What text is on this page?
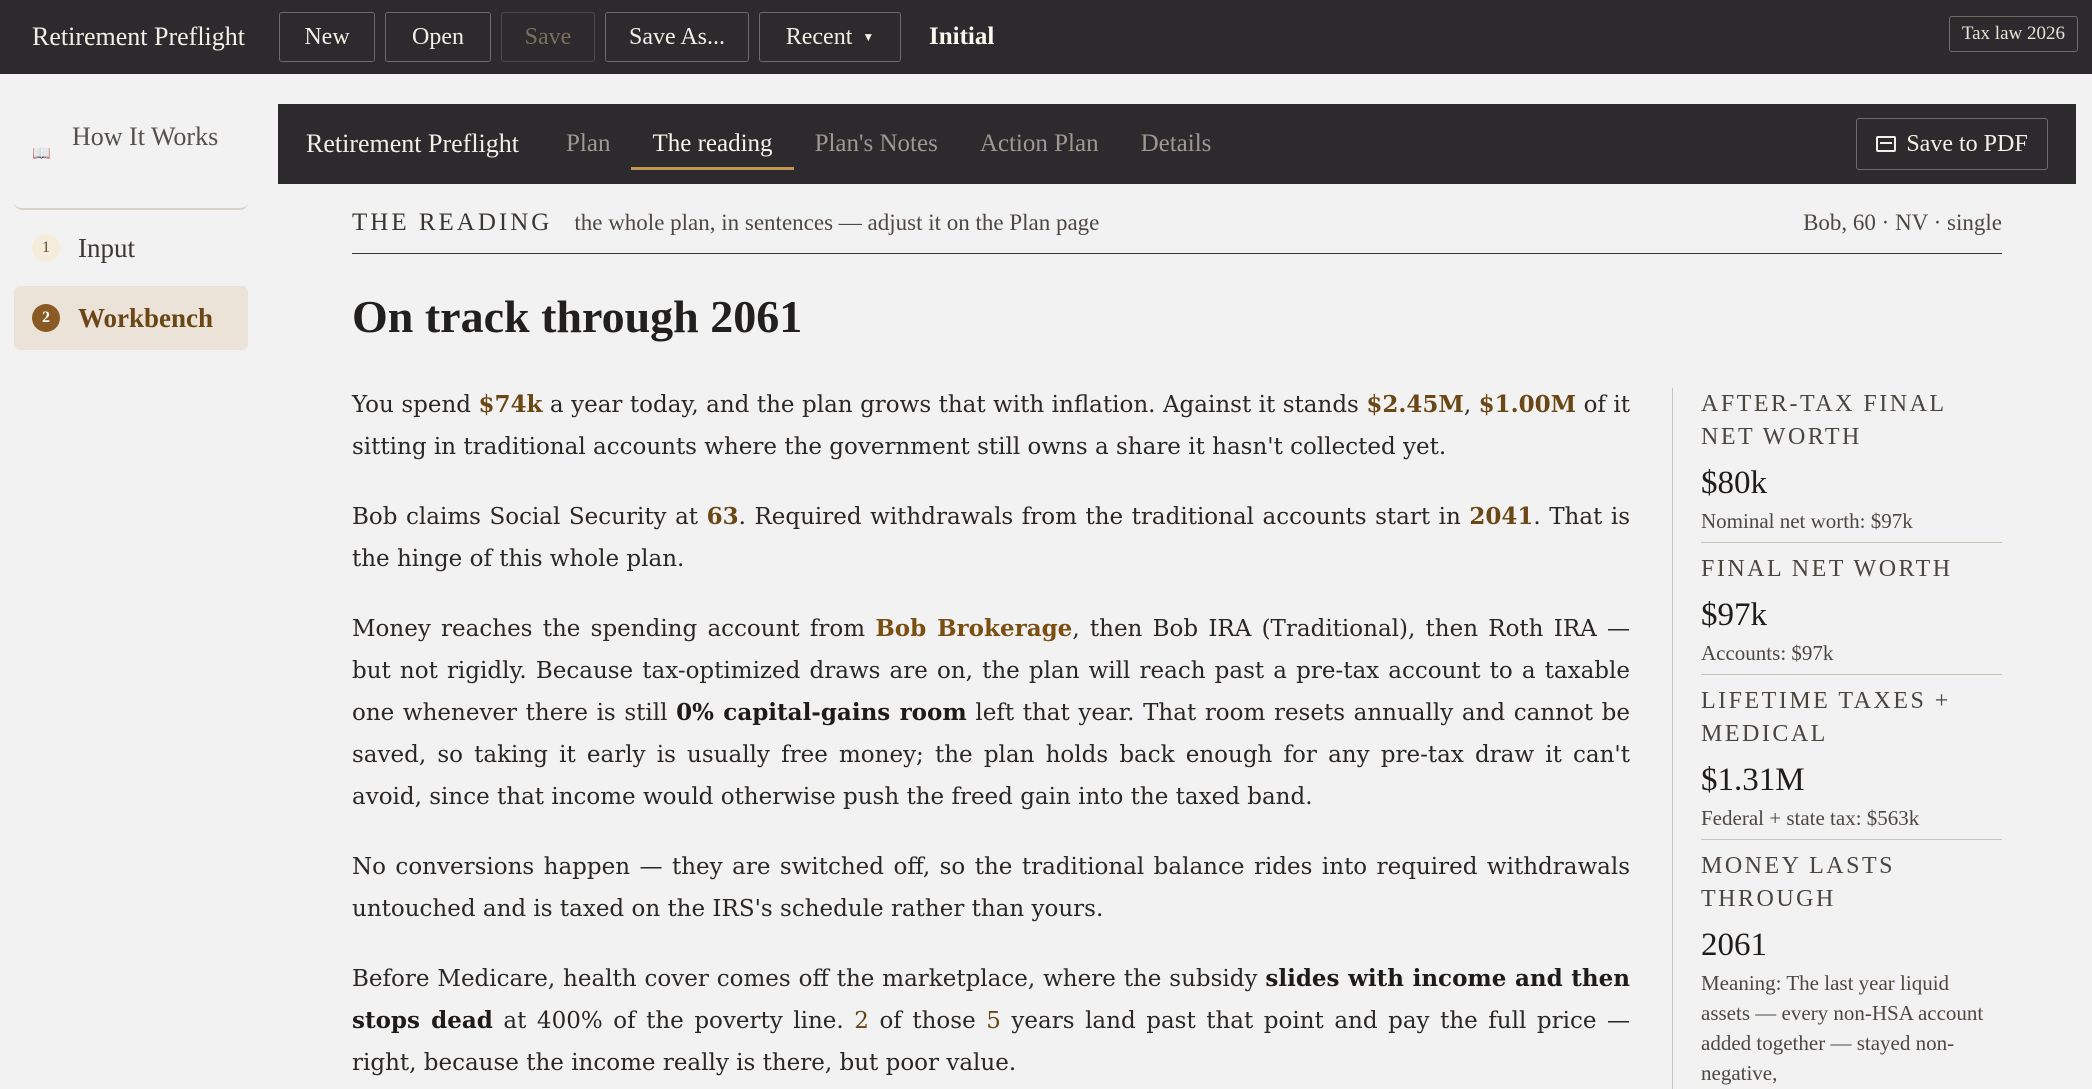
Retirement Preflight	New	Open	Save	Save As...	Recent ▼ Initial	Tax law 2026
📖
How It Works
1	Input
2	Workbench
Retirement Preflight	Plan	The reading	Plan's Notes	Action Plan	Details	Save to PDF
THE READING the whole plan, in sentences — adjust it on the Plan page	Bob, 60 · NV · single
On track through 2061

You spend $74k a year today, and the plan grows that with inflation. Against it stands $2.45M, $1.00M of it sitting in traditional accounts where the government still owns a share it hasn't collected yet.

Bob claims Social Security at 63. Required withdrawals from the traditional accounts start in 2041. That is the hinge of this whole plan.

Money reaches the spending account from Bob Brokerage, then Bob IRA (Traditional), then Roth IRA — but not rigidly. Because tax-optimized draws are on, the plan will reach past a pre-tax account to a taxable one whenever there is still 0% capital-gains room left that year. That room resets annually and cannot be saved, so taking it early is usually free money; the plan holds back enough for any pre-tax draw it can't avoid, since that income would otherwise push the freed gain into the taxed band.

No conversions happen — they are switched off, so the traditional balance rides into required withdrawals untouched and is taxed on the IRS's schedule rather than yours.

Before Medicare, health cover comes off the marketplace, where the subsidy slides with income and then stops dead at 400% of the poverty line. 2 of those 5 years land past that point and pay the full price — right, because the income really is there, but poor value.

AFTER-TAX FINAL NET WORTH
$80k
Nominal net worth: $97k
FINAL NET WORTH
$97k
Accounts: $97k
LIFETIME TAXES + MEDICAL
$1.31M
Federal + state tax: $563k
MONEY LASTS THROUGH
2061
Meaning: The last year liquid assets — every non-HSA account added together — stayed non-negative,
